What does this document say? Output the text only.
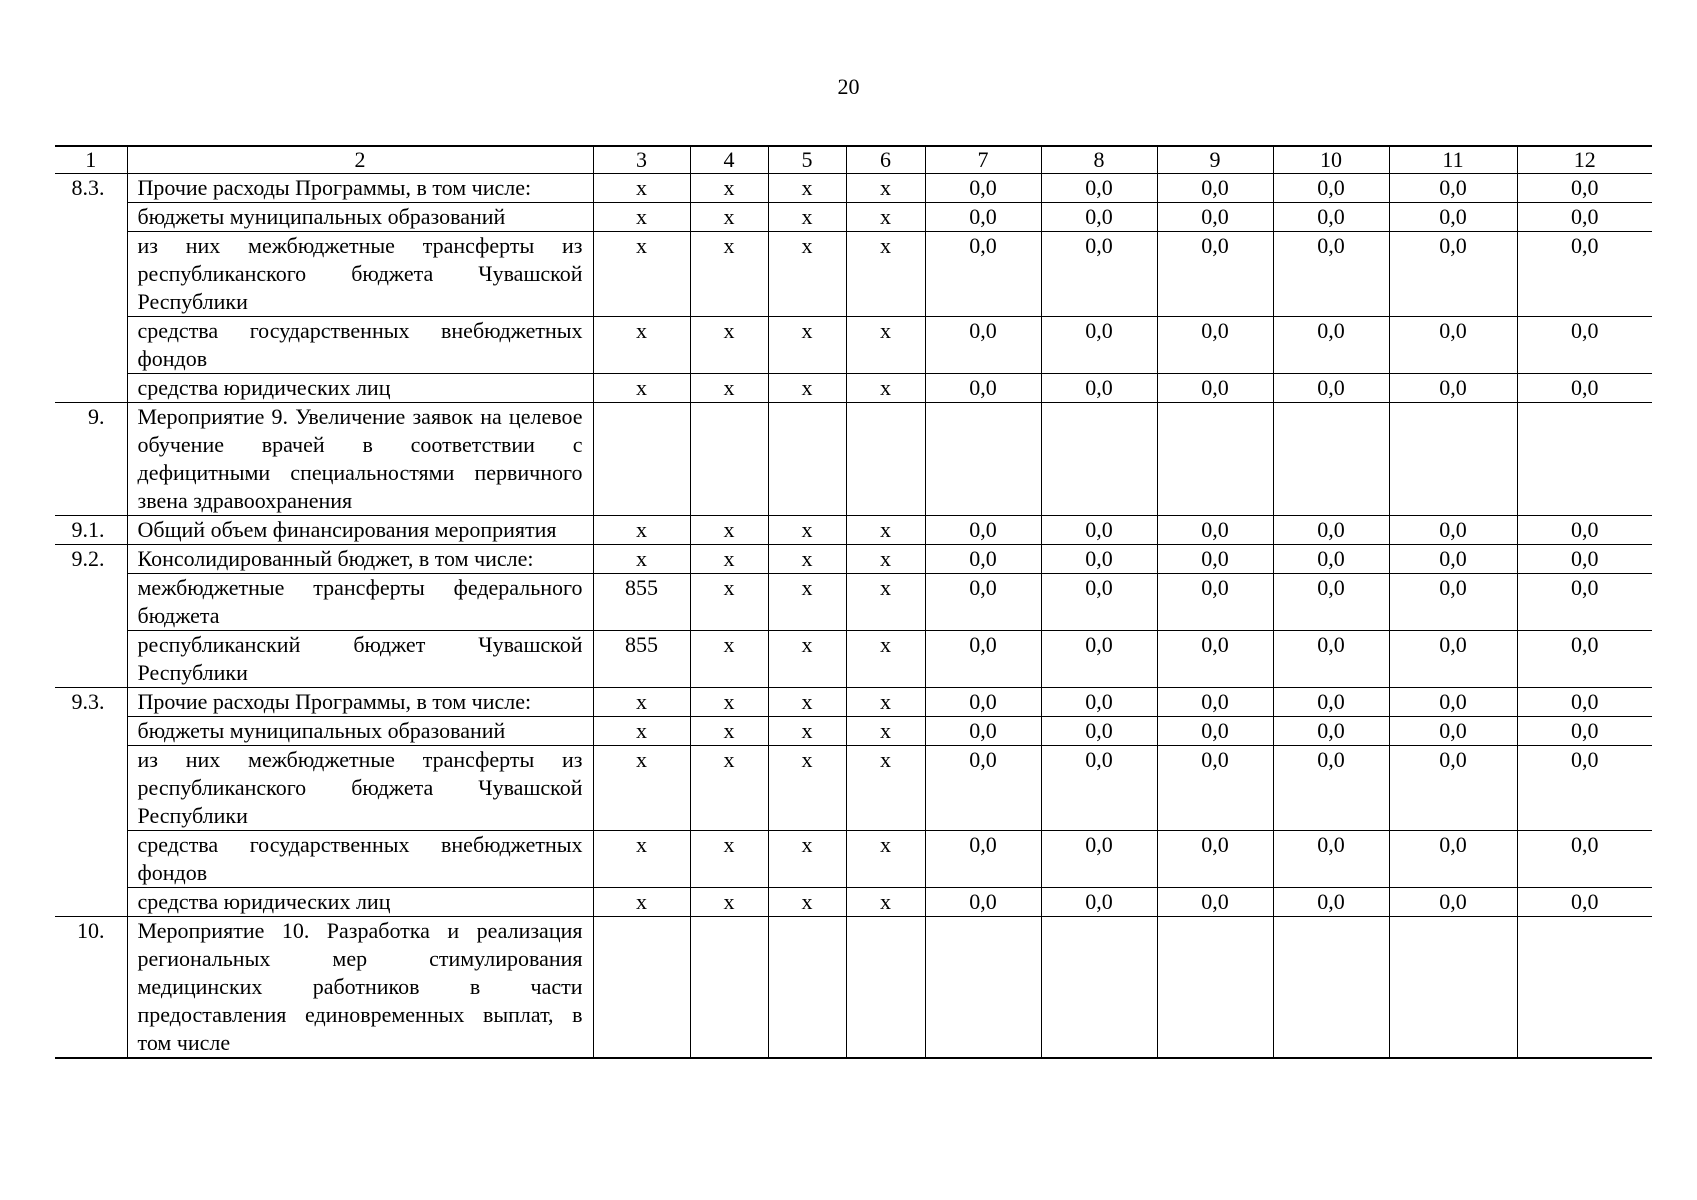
20
1	2	3	4	5	6	7	8	9	10	11	12
8.3.	Прочие расходы Программы, в том числе:	х	х	х	х	0,0	0,0	0,0	0,0	0,0	0,0
	бюджеты муниципальных образований	х	х	х	х	0,0	0,0	0,0	0,0	0,0	0,0
	из них межбюджетные трансферты из республиканского бюджета Чувашской Республики	х	х	х	х	0,0	0,0	0,0	0,0	0,0	0,0
	средства государственных внебюджетных фондов	х	х	х	х	0,0	0,0	0,0	0,0	0,0	0,0
	средства юридических лиц	х	х	х	х	0,0	0,0	0,0	0,0	0,0	0,0
9.	Мероприятие 9. Увеличение заявок на целевое обучение врачей в соответствии с дефицитными специальностями первичного звена здравоохранения										
9.1.	Общий объем финансирования мероприятия	х	х	х	х	0,0	0,0	0,0	0,0	0,0	0,0
9.2.	Консолидированный бюджет, в том числе:	х	х	х	х	0,0	0,0	0,0	0,0	0,0	0,0
	межбюджетные трансферты федерального бюджета	855	х	х	х	0,0	0,0	0,0	0,0	0,0	0,0
	республиканский бюджет Чувашской Республики	855	х	х	х	0,0	0,0	0,0	0,0	0,0	0,0
9.3.	Прочие расходы Программы, в том числе:	х	х	х	х	0,0	0,0	0,0	0,0	0,0	0,0
	бюджеты муниципальных образований	х	х	х	х	0,0	0,0	0,0	0,0	0,0	0,0
	из них межбюджетные трансферты из республиканского бюджета Чувашской Республики	х	х	х	х	0,0	0,0	0,0	0,0	0,0	0,0
	средства государственных внебюджетных фондов	х	х	х	х	0,0	0,0	0,0	0,0	0,0	0,0
	средства юридических лиц	х	х	х	х	0,0	0,0	0,0	0,0	0,0	0,0
10.	Мероприятие 10. Разработка и реализация региональных мер стимулирования медицинских работников в части предоставления единовременных выплат, в том числе										
